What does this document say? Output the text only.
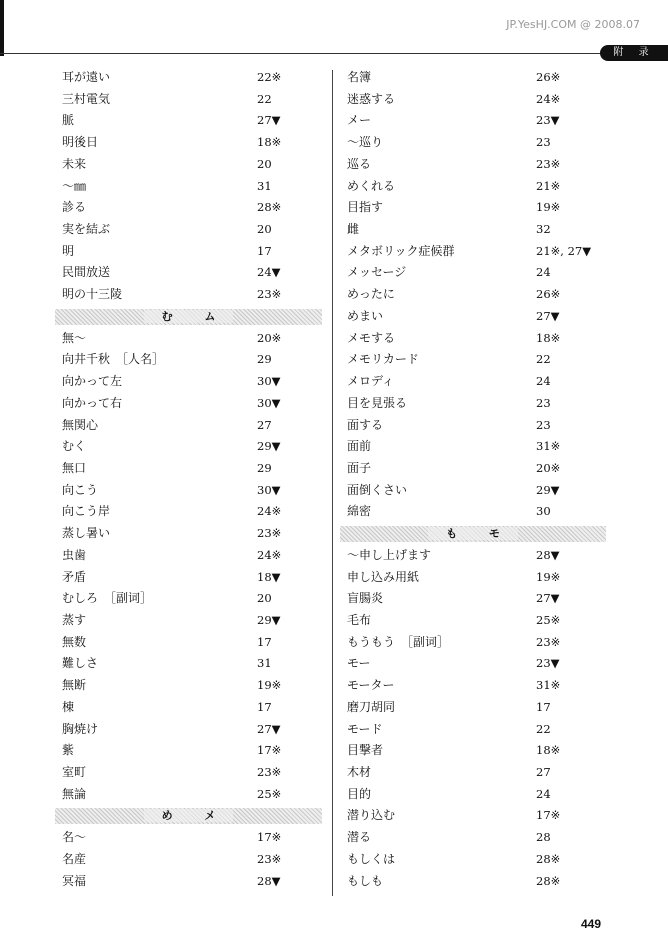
JP.YesHJ.COM @ 2008.07
附 录
耳が遠い	22※
三村電気	22
脈	27▼
明後日	18※
未来	20
～㎜	31
診る	28※
実を結ぶ	20
明	17
民間放送	24▼
明の十三陵	23※
む ム
無～	20※
向井千秋　［人名］	29
向かって左	30▼
向かって右	30▼
無関心	27
むく	29▼
無口	29
向こう	30▼
向こう岸	24※
蒸し暑い	23※
虫歯	24※
矛盾	18▼
むしろ　［副词］	20
蒸す	29▼
無数	17
難しさ	31
無断	19※
棟	17
胸焼け	27▼
紫	17※
室町	23※
無論	25※
め メ
名～	17※
名産	23※
冥福	28▼
名簿	26※
迷惑する	24※
メー	23▼
～巡り	23
巡る	23※
めくれる	21※
目指す	19※
雌	32
メタボリック症候群	21※, 27▼
メッセージ	24
めったに	26※
めまい	27▼
メモする	18※
メモリカード	22
メロディ	24
目を見張る	23
面する	23
面前	31※
面子	20※
面倒くさい	29▼
綿密	30
も モ
～申し上げます	28▼
申し込み用紙	19※
盲腸炎	27▼
毛布	25※
もうもう　［副词］	23※
モー	23▼
モーター	31※
磨刀胡同	17
モード	22
目撃者	18※
木材	27
目的	24
潜り込む	17※
潜る	28
もしくは	28※
もしも	28※
449
